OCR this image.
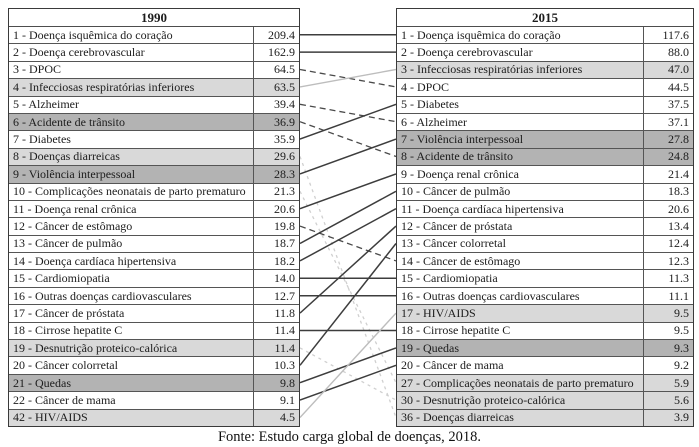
1990
1 - Doença isquêmica do coração	209.4
2 - Doença cerebrovascular	162.9
3 - DPOC	64.5
4 - Infecciosas respiratórias inferiores	63.5
5 - Alzheimer	39.4
6 - Acidente de trânsito	36.9
7 - Diabetes	35.9
8 - Doenças diarreicas	29.6
9 - Violência interpessoal	28.3
10 - Complicações neonatais de parto prematuro	21.3
11 - Doença renal crônica	20.6
12 - Câncer de estômago	19.8
13 - Câncer de pulmão	18.7
14 - Doença cardíaca hipertensiva	18.2
15 - Cardiomiopatia	14.0
16 - Outras doenças cardiovasculares	12.7
17 - Câncer de próstata	11.8
18 - Cirrose hepatite C	11.4
19 - Desnutrição proteico-calórica	11.4
20 - Câncer colorretal	10.3
21 - Quedas	9.8
22 - Câncer de mama	9.1
42 - HIV/AIDS	4.5
2015
1 - Doença isquêmica do coração	117.6
2 - Doença cerebrovascular	88.0
3 - Infecciosas respiratórias inferiores	47.0
4 - DPOC	44.5
5 - Diabetes	37.5
6 - Alzheimer	37.1
7 - Violência interpessoal	27.8
8 - Acidente de trânsito	24.8
9 - Doença renal crônica	21.4
10 - Câncer de pulmão	18.3
11 - Doença cardíaca hipertensiva	20.6
12 - Câncer de próstata	13.4
13 - Câncer colorretal	12.4
14 - Câncer de estômago	12.3
15 - Cardiomiopatia	11.3
16 - Outras doenças cardiovasculares	11.1
17 - HIV/AIDS	9.5
18 - Cirrose hepatite C	9.5
19 - Quedas	9.3
20 - Câncer de mama	9.2
27 - Complicações neonatais de parto prematuro	5.9
30 - Desnutrição proteico-calórica	5.6
36 - Doenças diarreicas	3.9
Fonte: Estudo carga global de doenças, 2018.
